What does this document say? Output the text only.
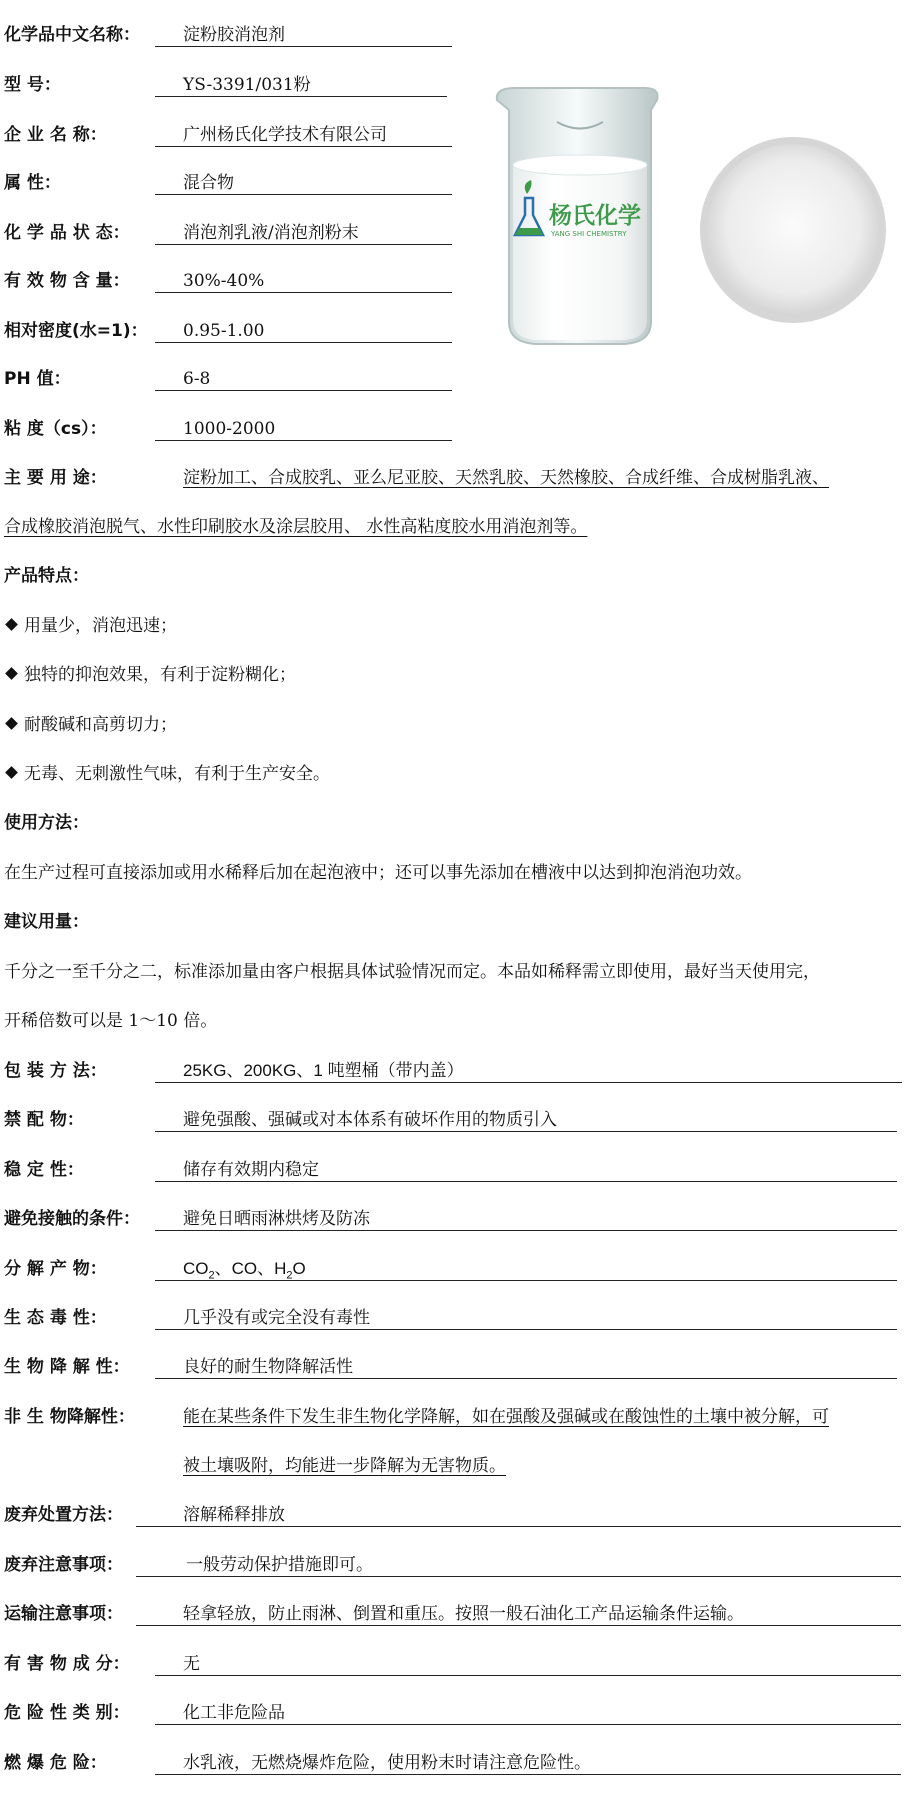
化学品中文名称：	淀粉胶消泡剂
型 号：	YS-3391/031粉
企 业 名 称：	广州杨氏化学技术有限公司
属 性：	混合物
化 学 品 状 态：	消泡剂乳液/消泡剂粉末
有 效 物 含 量：	30%-40%
相对密度(水=1)： 0.95-1.00
PH 值：	6-8
粘 度（cs）：	1000-2000
杨氏化学
YANG SHI CHEMISTRY
主 要 用 途：	淀粉加工、合成胶乳、亚么尼亚胶、天然乳胶、天然橡胶、合成纤维、合成树脂乳液、
合成橡胶消泡脱气、水性印刷胶水及涂层胶用、 水性高粘度胶水用消泡剂等。
产品特点：
用量少，消泡迅速；
独特的抑泡效果，有利于淀粉糊化；
耐酸碱和高剪切力；
无毒、无刺激性气味，有利于生产安全。
使用方法：
在生产过程可直接添加或用水稀释后加在起泡液中；还可以事先添加在槽液中以达到抑泡消泡功效。
建议用量：
千分之一至千分之二，标准添加量由客户根据具体试验情况而定。本品如稀释需立即使用，最好当天使用完，
开稀倍数可以是 1～10 倍。
包 装 方 法：	25KG、200KG、1 吨塑桶（带内盖）
禁 配 物：	避免强酸、强碱或对本体系有破坏作用的物质引入
稳 定 性：	储存有效期内稳定
避免接触的条件：	避免日晒雨淋烘烤及防冻
分 解 产 物：	$CO_2$、CO、$H_2O$
生 态 毒 性：	几乎没有或完全没有毒性
生 物 降 解 性：	良好的耐生物降解活性
非 生 物降解性：	能在某些条件下发生非生物化学降解，如在强酸及强碱或在酸蚀性的土壤中被分解，可
被土壤吸附，均能进一步降解为无害物质。
废弃处置方法：	溶解稀释排放
废弃注意事项：	一般劳动保护措施即可。
运输注意事项：	轻拿轻放，防止雨淋、倒置和重压。按照一般石油化工产品运输条件运输。
有 害 物 成 分：	无
危 险 性 类 别：	化工非危险品
燃 爆 危 险：	水乳液，无燃烧爆炸危险，使用粉末时请注意危险性。
